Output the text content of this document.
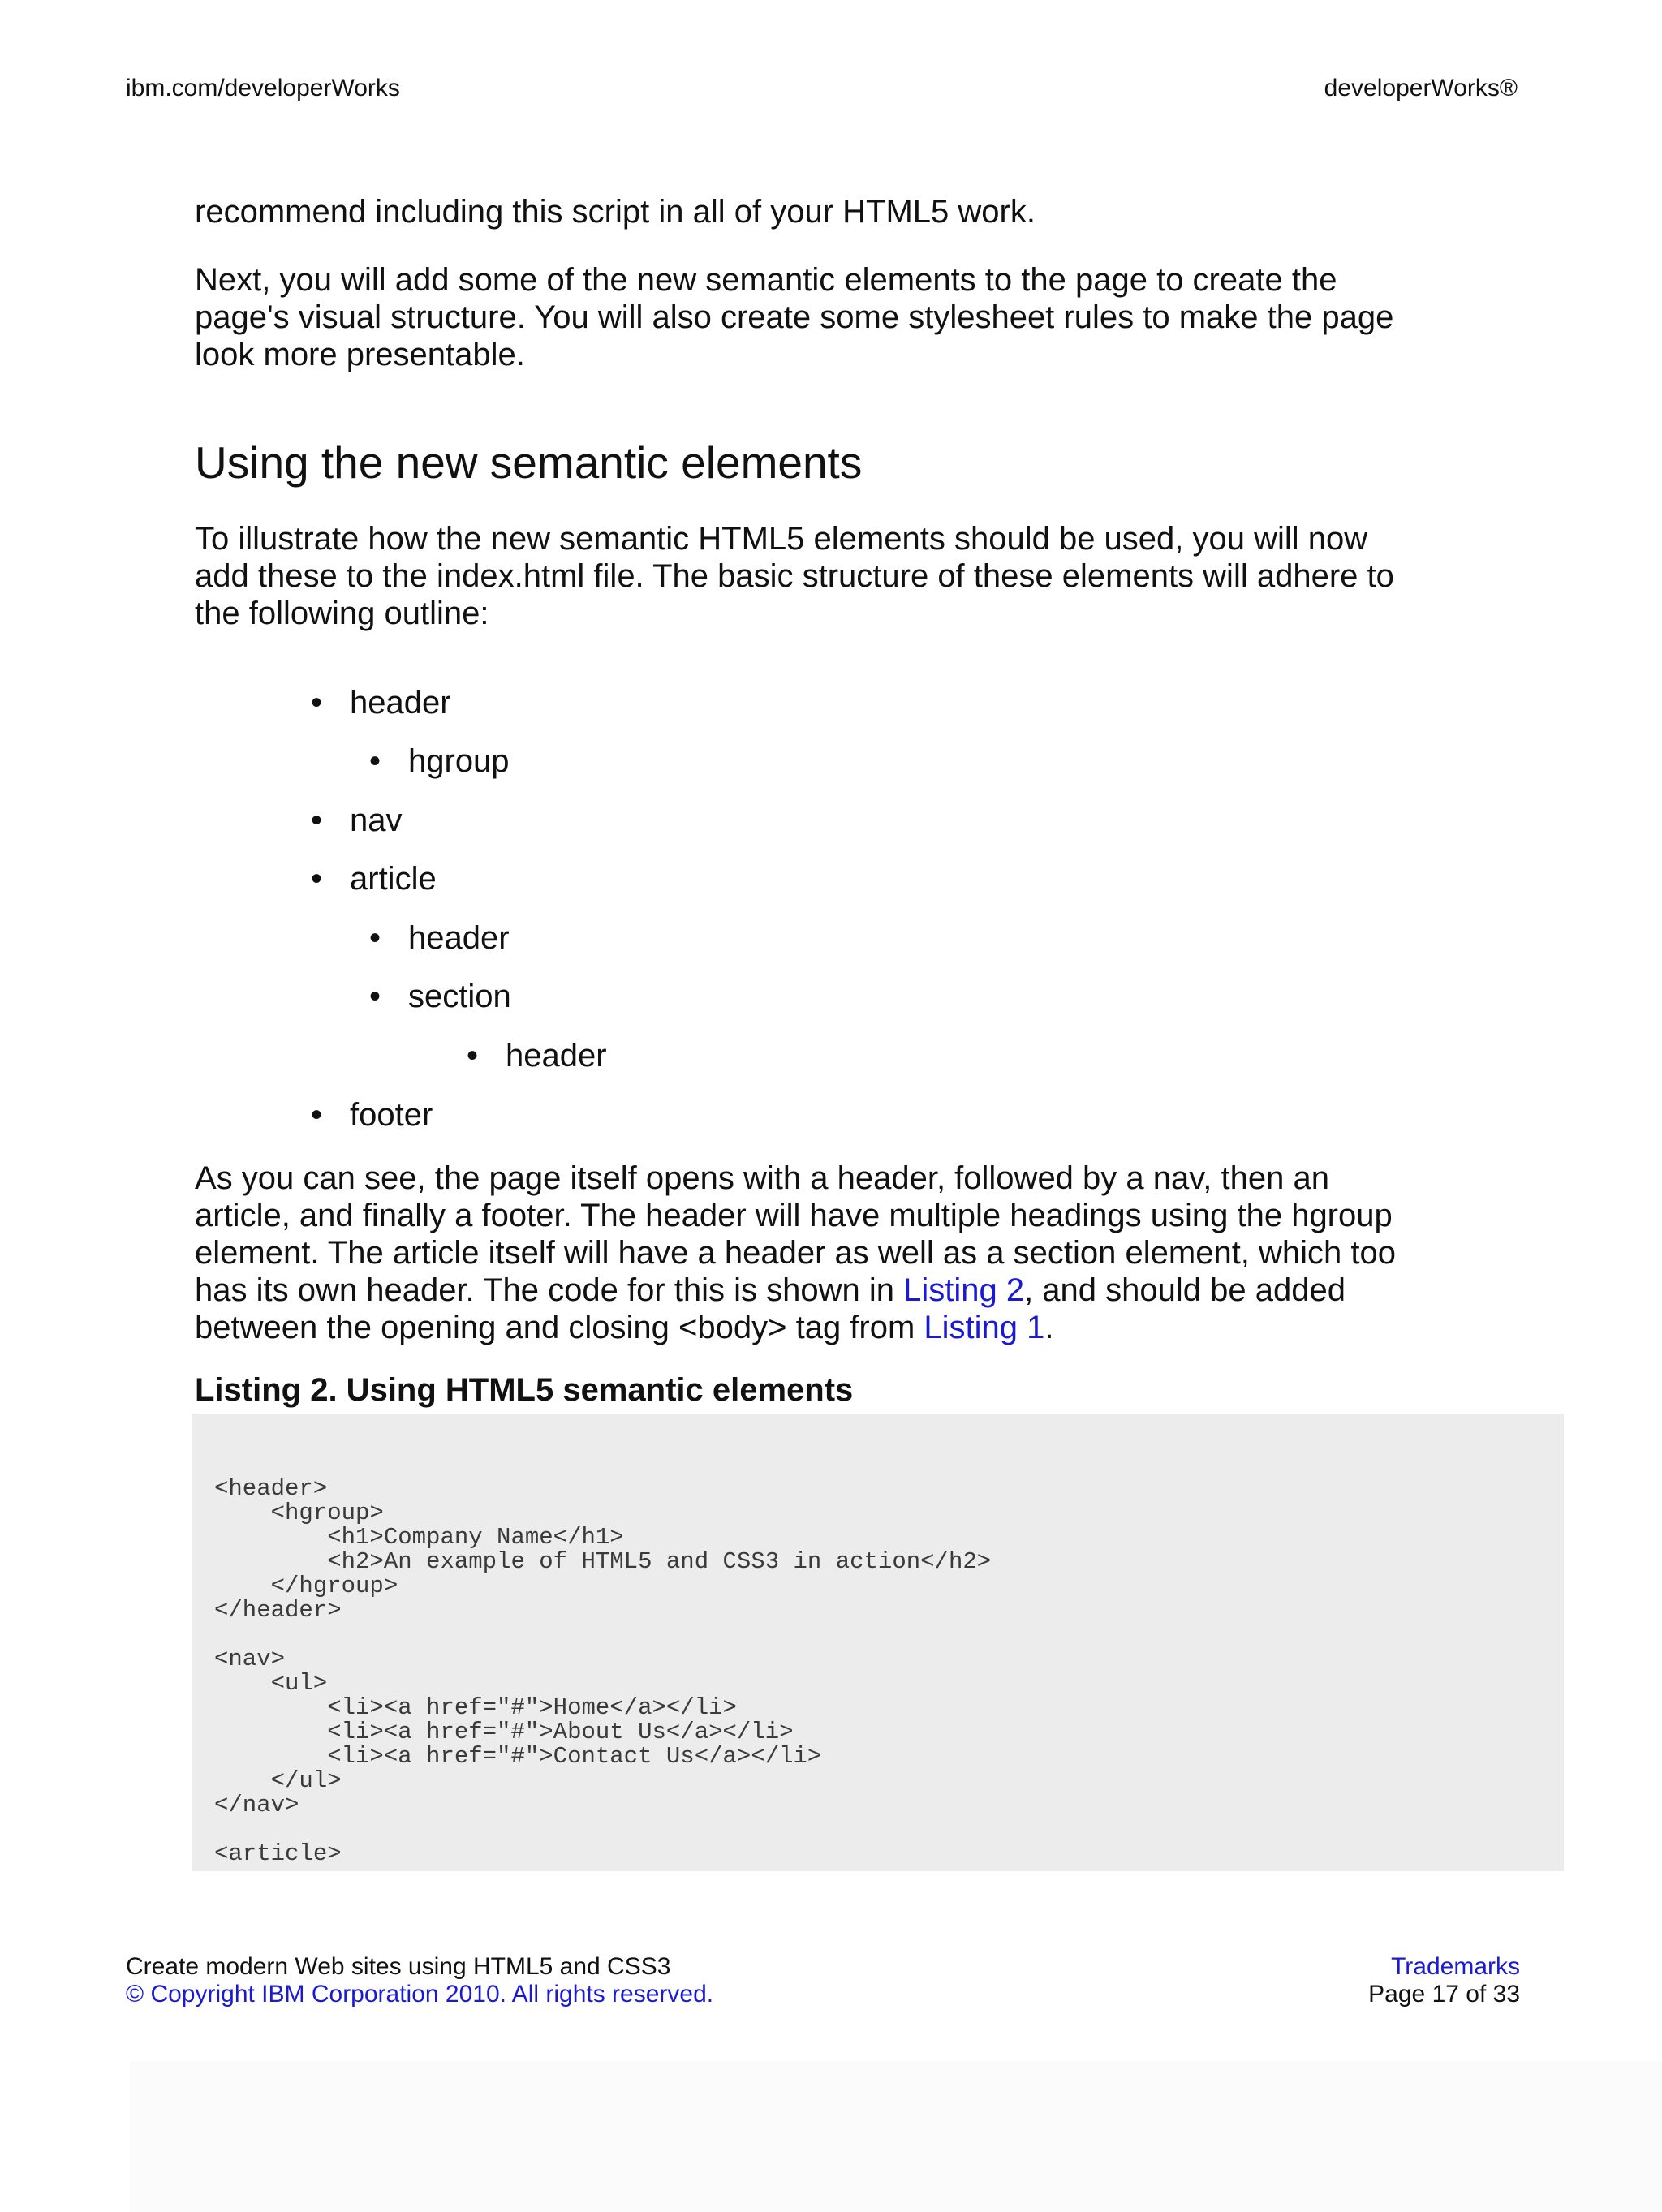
ibm.com/developerWorks	developerWorks®

recommend including this script in all of your HTML5 work.

Next, you will add some of the new semantic elements to the page to create the page's visual structure. You will also create some stylesheet rules to make the page look more presentable.

Using the new semantic elements

To illustrate how the new semantic HTML5 elements should be used, you will now add these to the index.html file. The basic structure of these elements will adhere to the following outline:

• header
• hgroup
• nav
• article
• header
• section
• header
• footer

As you can see, the page itself opens with a header, followed by a nav, then an article, and finally a footer. The header will have multiple headings using the hgroup element. The article itself will have a header as well as a section element, which too has its own header. The code for this is shown in Listing 2, and should be added between the opening and closing <body> tag from Listing 1.

Listing 2. Using HTML5 semantic elements
<header>
<hgroup>
<h1>Company Name</h1>
<h2>An example of HTML5 and CSS3 in action</h2>
</hgroup>
</header>

<nav>
<ul>
<li><a href="#">Home</a></li>
<li><a href="#">About Us</a></li>
<li><a href="#">Contact Us</a></li>
</ul>
</nav>

<article>
Create modern Web sites using HTML5 and CSS3
© Copyright IBM Corporation 2010. All rights reserved.
Trademarks
Page 17 of 33
